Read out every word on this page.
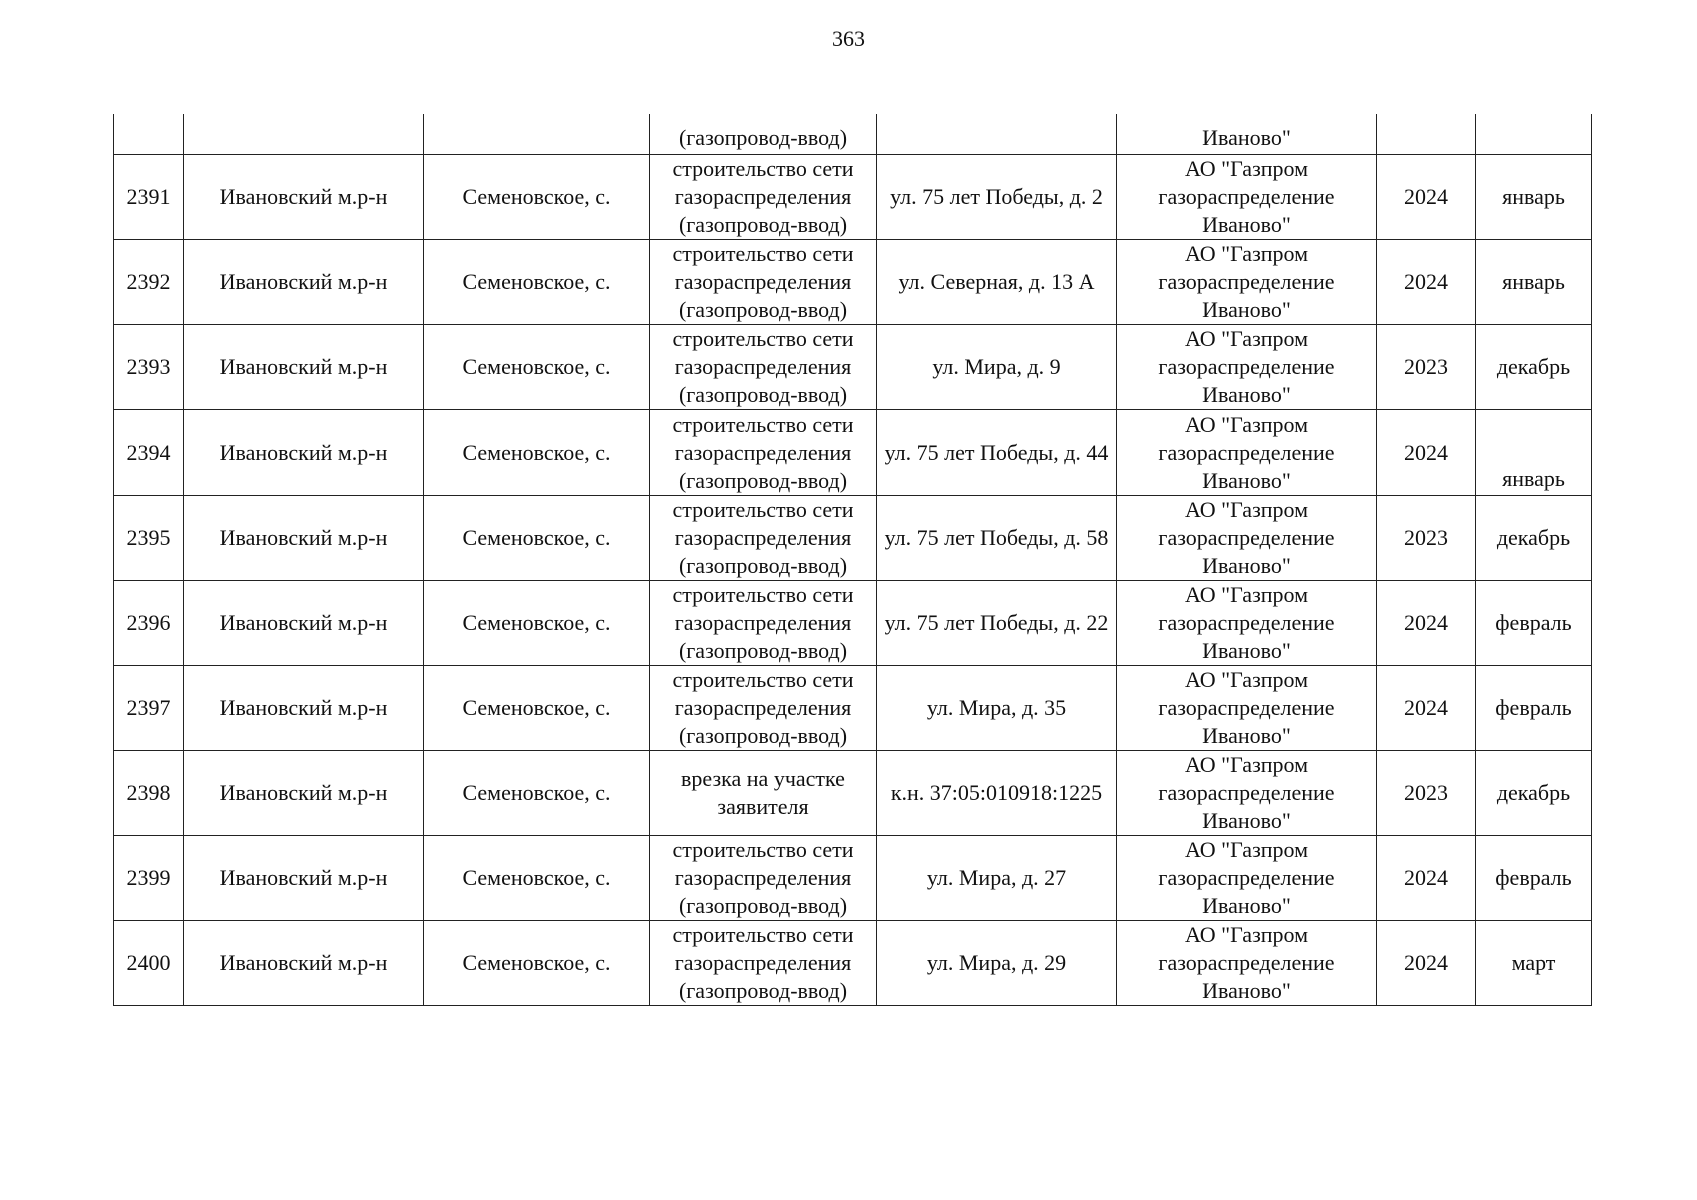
363
			(газопровод-ввод)		Иваново"		
2391	Ивановский м.р-н	Семеновское, с.	строительство сети газораспределения (газопровод-ввод)	ул. 75 лет Победы, д. 2	АО "Газпром газораспределение Иваново"	2024	январь
2392	Ивановский м.р-н	Семеновское, с.	строительство сети газораспределения (газопровод-ввод)	ул. Северная, д. 13 А	АО "Газпром газораспределение Иваново"	2024	январь
2393	Ивановский м.р-н	Семеновское, с.	строительство сети газораспределения (газопровод-ввод)	ул. Мира, д. 9	АО "Газпром газораспределение Иваново"	2023	декабрь
2394	Ивановский м.р-н	Семеновское, с.	строительство сети газораспределения (газопровод-ввод)	ул. 75 лет Победы, д. 44	АО "Газпром газораспределение Иваново"	2024	январь
2395	Ивановский м.р-н	Семеновское, с.	строительство сети газораспределения (газопровод-ввод)	ул. 75 лет Победы, д. 58	АО "Газпром газораспределение Иваново"	2023	декабрь
2396	Ивановский м.р-н	Семеновское, с.	строительство сети газораспределения (газопровод-ввод)	ул. 75 лет Победы, д. 22	АО "Газпром газораспределение Иваново"	2024	февраль
2397	Ивановский м.р-н	Семеновское, с.	строительство сети газораспределения (газопровод-ввод)	ул. Мира, д. 35	АО "Газпром газораспределение Иваново"	2024	февраль
2398	Ивановский м.р-н	Семеновское, с.	врезка на участке заявителя	к.н. 37:05:010918:1225	АО "Газпром газораспределение Иваново"	2023	декабрь
2399	Ивановский м.р-н	Семеновское, с.	строительство сети газораспределения (газопровод-ввод)	ул. Мира, д. 27	АО "Газпром газораспределение Иваново"	2024	февраль
2400	Ивановский м.р-н	Семеновское, с.	строительство сети газораспределения (газопровод-ввод)	ул. Мира, д. 29	АО "Газпром газораспределение Иваново"	2024	март
